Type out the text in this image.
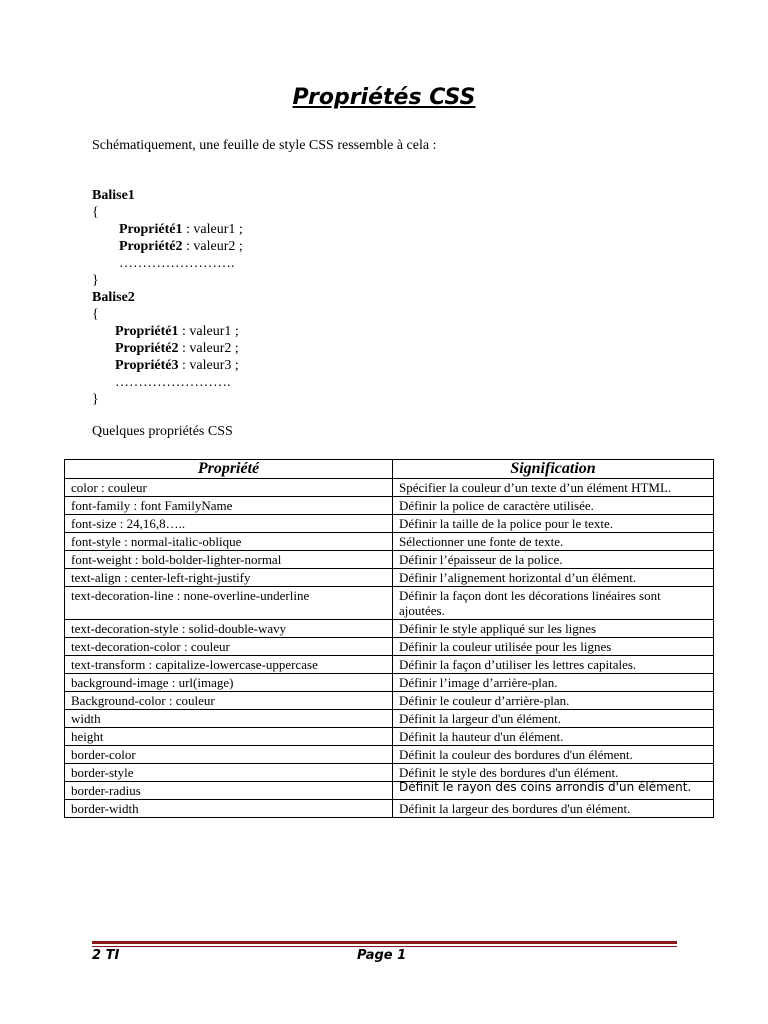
Propriétés CSS
Schématiquement, une feuille de style CSS ressemble à cela :
Balise1
{
Propriété1 : valeur1 ;
Propriété2 : valeur2 ;
…………………….
}
Balise2
{
Propriété1 : valeur1 ;
Propriété2 : valeur2 ;
Propriété3 : valeur3 ;
…………………….
}
Quelques propriétés CSS
Propriété	Signification
color : couleur	Spécifier la couleur d’un texte d’un élément HTML.
font-family : font FamilyName	Définir la police de caractère utilisée.
font-size : 24,16,8…..	Définir la taille de la police pour le texte.
font-style : normal-italic-oblique	Sélectionner une fonte de texte.
font-weight : bold-bolder-lighter-normal	Définir l’épaisseur de la police.
text-align : center-left-right-justify	Définir l’alignement horizontal d’un élément.
text-decoration-line : none-overline-underline	Définir la façon dont les décorations linéaires sont ajoutées.
text-decoration-style : solid-double-wavy	Définir le style appliqué sur les lignes
text-decoration-color : couleur	Définir la couleur utilisée pour les lignes
text-transform : capitalize-lowercase-uppercase	Définir la façon d’utiliser les lettres capitales.
background-image : url(image)	Définir l’image d’arrière-plan.
Background-color : couleur	Définir le couleur d’arrière-plan.
width	Définit la largeur d'un élément.
height	Définit la hauteur d'un élément.
border-color	Définit la couleur des bordures d'un élément.
border-style	Définit le style des bordures d'un élément.
border-radius	Définit le rayon des coins arrondis d'un élément.
border-width	Définit la largeur des bordures d'un élément.
2 TI	Page 1
